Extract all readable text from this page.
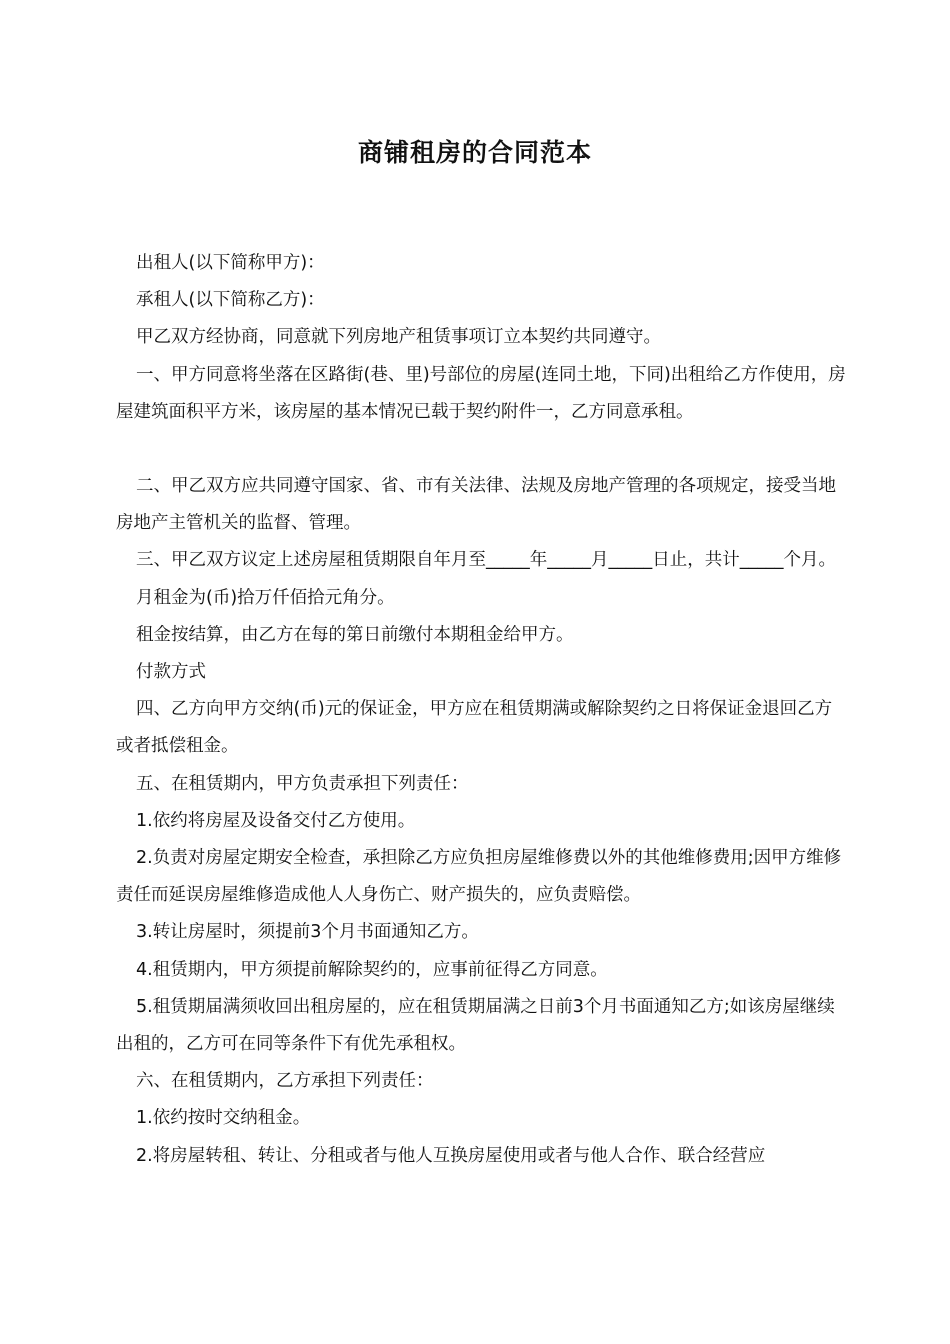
商铺租房的合同范本

出租人(以下简称甲方)：

承租人(以下简称乙方)：

甲乙双方经协商，同意就下列房地产租赁事项订立本契约共同遵守。

一、甲方同意将坐落在区路街(巷、里)号部位的房屋(连同土地，下同)出租给乙方作使用，房屋建筑面积平方米，该房屋的基本情况已载于契约附件一，乙方同意承租。

二、甲乙双方应共同遵守国家、省、市有关法律、法规及房地产管理的各项规定，接受当地房地产主管机关的监督、管理。

三、甲乙双方议定上述房屋租赁期限自年月至_____年_____月_____日止，共计_____个月。

月租金为(币)拾万仟佰拾元角分。

租金按结算，由乙方在每的第日前缴付本期租金给甲方。

付款方式

四、乙方向甲方交纳(币)元的保证金，甲方应在租赁期满或解除契约之日将保证金退回乙方或者抵偿租金。

五、在租赁期内，甲方负责承担下列责任：

1.依约将房屋及设备交付乙方使用。

2.负责对房屋定期安全检查，承担除乙方应负担房屋维修费以外的其他维修费用;因甲方维修责任而延误房屋维修造成他人人身伤亡、财产损失的，应负责赔偿。

3.转让房屋时，须提前3个月书面通知乙方。

4.租赁期内，甲方须提前解除契约的，应事前征得乙方同意。

5.租赁期届满须收回出租房屋的，应在租赁期届满之日前3个月书面通知乙方;如该房屋继续出租的，乙方可在同等条件下有优先承租权。

六、在租赁期内，乙方承担下列责任：

1.依约按时交纳租金。

2.将房屋转租、转让、分租或者与他人互换房屋使用或者与他人合作、联合经营应
